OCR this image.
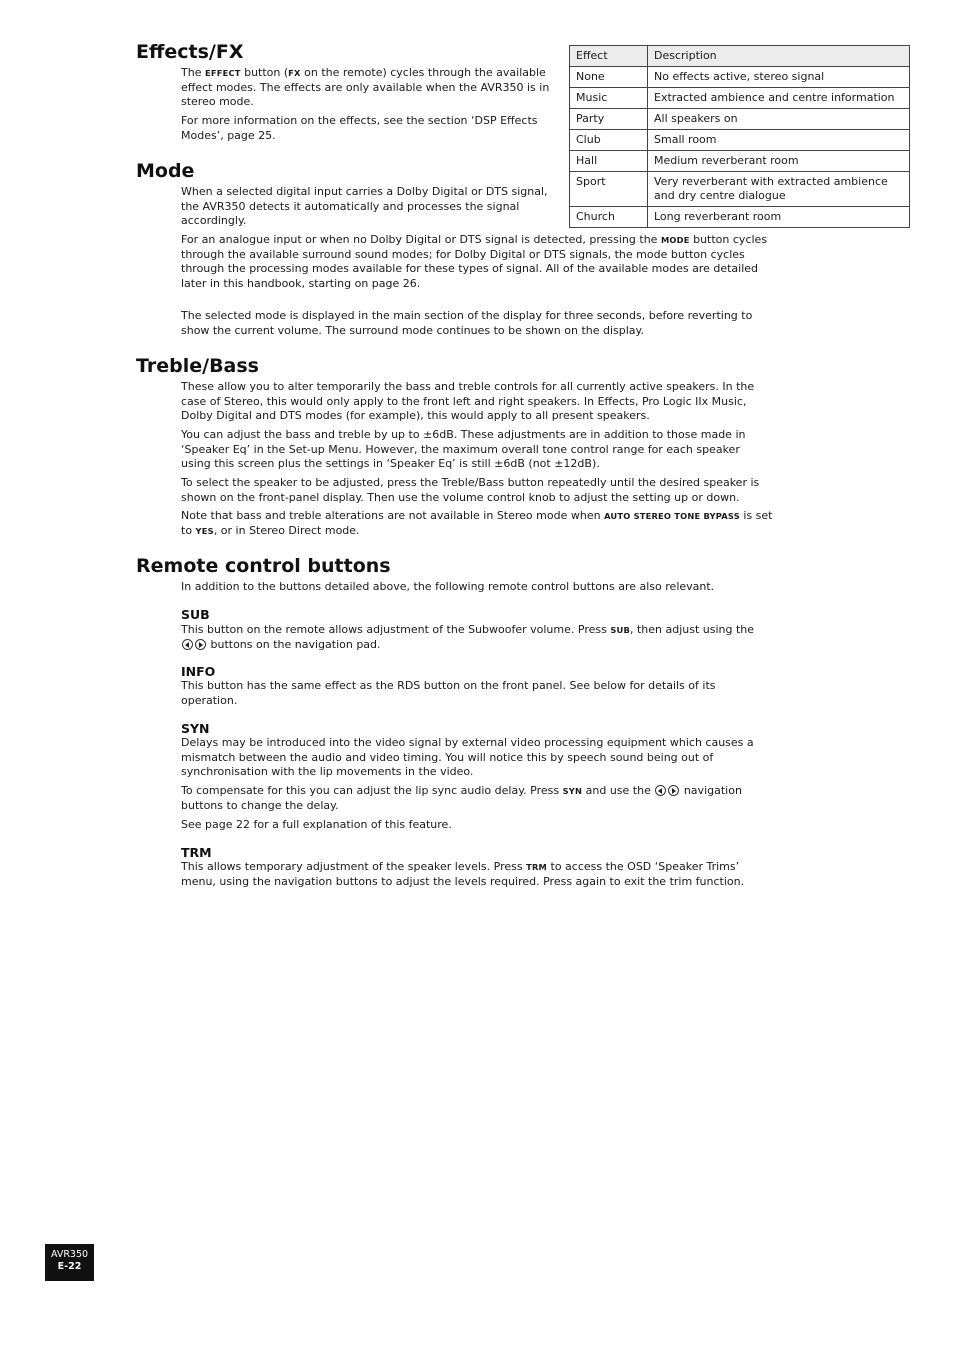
Effects/FX

The EFFECT button (FX on the remote) cycles through the available effect modes. The effects are only available when the AVR350 is in stereo mode.

For more information on the effects, see the section ‘DSP Effects Modes’, page 25.

Effect	Description
None	No effects active, stereo signal
Music	Extracted ambience and centre information
Party	All speakers on
Club	Small room
Hall	Medium reverberant room
Sport	Very reverberant with extracted ambience and dry centre dialogue
Church	Long reverberant room
Mode

When a selected digital input carries a Dolby Digital or DTS signal, the AVR350 detects it automatically and processes the signal accordingly.

For an analogue input or when no Dolby Digital or DTS signal is detected, pressing the MODE button cycles through the available surround sound modes; for Dolby Digital or DTS signals, the mode button cycles through the processing modes available for these types of signal. All of the available modes are detailed later in this handbook, starting on page 26.

The selected mode is displayed in the main section of the display for three seconds, before reverting to show the current volume. The surround mode continues to be shown on the display.

Treble/Bass

These allow you to alter temporarily the bass and treble controls for all currently active speakers. In the case of Stereo, this would only apply to the front left and right speakers. In Effects, Pro Logic IIx Music, Dolby Digital and DTS modes (for example), this would apply to all present speakers.

You can adjust the bass and treble by up to ±6dB. These adjustments are in addition to those made in ‘Speaker Eq’ in the Set-up Menu. However, the maximum overall tone control range for each speaker using this screen plus the settings in ‘Speaker Eq’ is still ±6dB (not ±12dB).

To select the speaker to be adjusted, press the Treble/Bass button repeatedly until the desired speaker is shown on the front-panel display. Then use the volume control knob to adjust the setting up or down.

Note that bass and treble alterations are not available in Stereo mode when AUTO STEREO TONE BYPASS is set to YES, or in Stereo Direct mode.

Remote control buttons

In addition to the buttons detailed above, the following remote control buttons are also relevant.

SUB

This button on the remote allows adjustment of the Subwoofer volume. Press SUB, then adjust using the
buttons on the navigation pad.

INFO

This button has the same effect as the RDS button on the front panel. See below for details of its operation.

SYN

Delays may be introduced into the video signal by external video processing equipment which causes a mismatch between the audio and video timing. You will notice this by speech sound being out of synchronisation with the lip movements in the video.

To compensate for this you can adjust the lip sync audio delay. Press SYN and use the  navigation buttons to change the delay.

See page 22 for a full explanation of this feature.

TRM

This allows temporary adjustment of the speaker levels. Press TRM to access the OSD ‘Speaker Trims’ menu, using the navigation buttons to adjust the levels required. Press again to exit the trim function.

AVR350
E-22
